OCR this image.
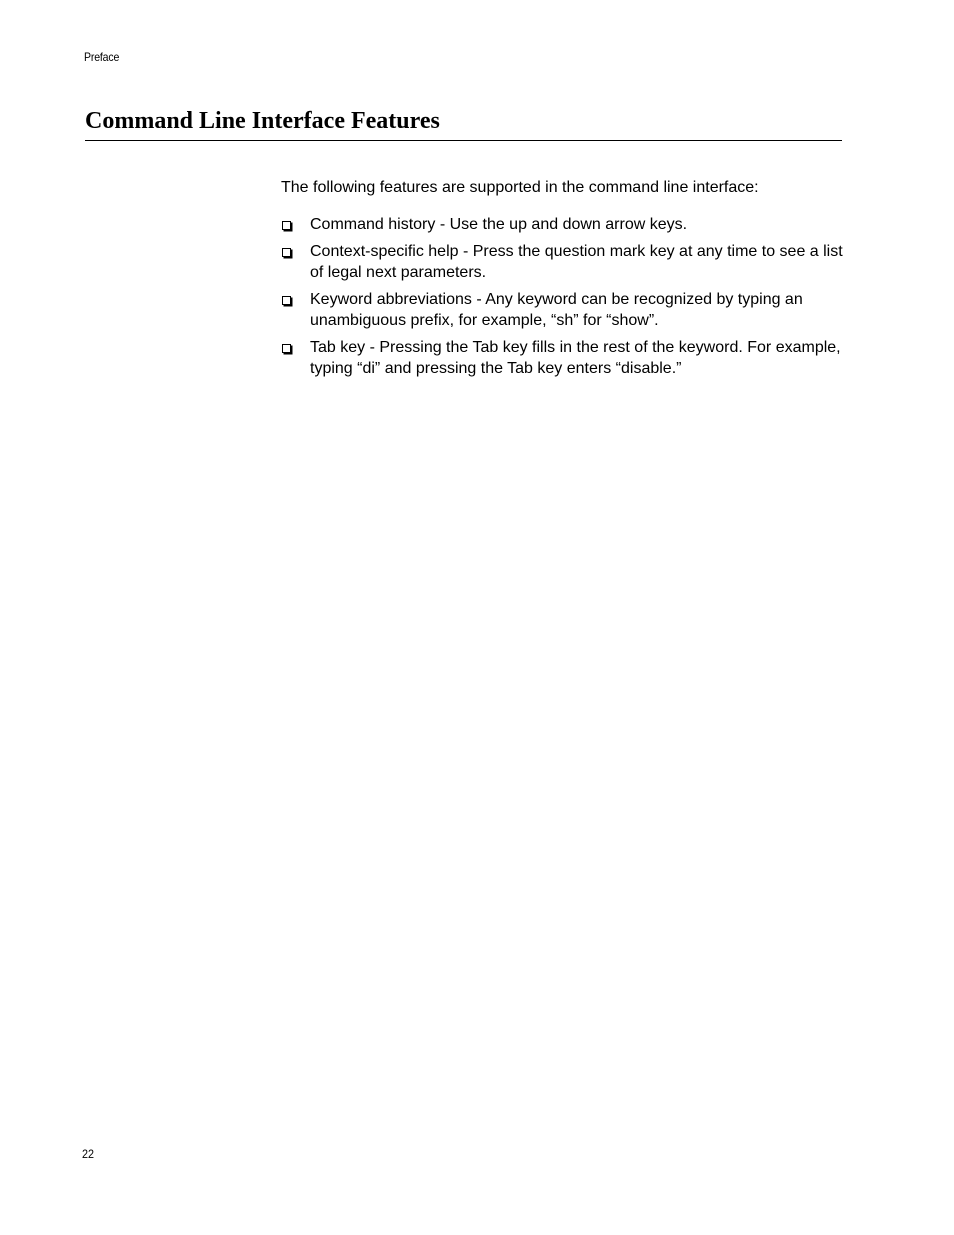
Preface
Command Line Interface Features

The following features are supported in the command line interface:

Command history - Use the up and down arrow keys.
Context-specific help - Press the question mark key at any time to see a list of legal next parameters.
Keyword abbreviations - Any keyword can be recognized by typing an unambiguous prefix, for example, “sh” for “show”.
Tab key - Pressing the Tab key fills in the rest of the keyword. For example, typing “di” and pressing the Tab key enters “disable.”
22
